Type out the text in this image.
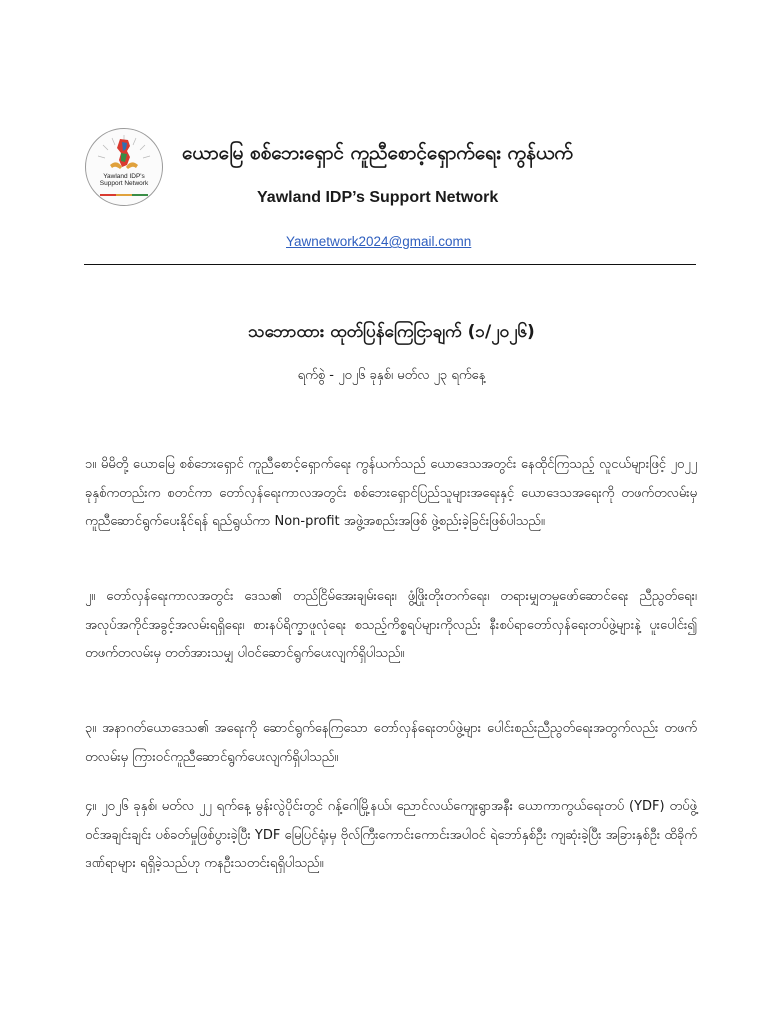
Yawland IDP's
Support Network
ယောမြေ စစ်ဘေးရှောင် ကူညီစောင့်ရှောက်ရေး ကွန်ယက်
Yawland IDP’s Support Network
Yawnetwork2024@gmail.comn
သဘောထား ထုတ်ပြန်ကြေငြာချက် (၁/၂၀၂၆)
ရက်စွဲ - ၂၀၂၆ ခုနှစ်၊ မတ်လ ၂၃ ရက်နေ့
၁။ မိမိတို့ ယောမြေ စစ်ဘေးရှောင် ကူညီစောင့်ရှောက်ရေး ကွန်ယက်သည် ယောဒေသအတွင်း နေထိုင်ကြသည့် လူငယ်များဖြင့် ၂၀၂၂ ခုနှစ်ကတည်းက စတင်ကာ တော်လှန်ရေးကာလအတွင်း စစ်ဘေးရှောင်ပြည်သူများအရေးနှင့် ယောဒေသအရေးကို တဖက်တလမ်းမှ ကူညီဆောင်ရွက်ပေးနိုင်ရန် ရည်ရွယ်ကာ Non-profit အဖွဲ့အစည်းအဖြစ် ဖွဲ့စည်းခဲ့ခြင်းဖြစ်ပါသည်။
၂။ တော်လှန်ရေးကာလအတွင်း ဒေသ၏ တည်ငြိမ်အေးချမ်းရေး၊ ဖွံ့ဖြိုးတိုးတက်ရေး၊ တရားမျှတမှုဖော်ဆောင်ရေး ညီညွတ်ရေး၊ အလုပ်အကိုင်အခွင့်အလမ်းရရှိရေး၊ စားနပ်ရိက္ခာဖူလုံရေး စသည့်ကိစ္စရပ်များကိုလည်း နီးစပ်ရာတော်လှန်ရေးတပ်ဖွဲ့များနဲ့ ပူးပေါင်း၍ တဖက်တလမ်းမှ တတ်အားသမျှ ပါဝင်ဆောင်ရွက်ပေးလျက်ရှိပါသည်။
၃။ အနာဂတ်ယောဒေသ၏ အရေးကို ဆောင်ရွက်နေကြသော တော်လှန်ရေးတပ်ဖွဲ့များ ပေါင်းစည်းညီညွတ်ရေးအတွက်လည်း တဖက်တလမ်းမှ ကြားဝင်ကူညီဆောင်ရွက်ပေးလျက်ရှိပါသည်။
၄။ ၂၀၂၆ ခုနှစ်၊ မတ်လ ၂၂ ရက်နေ့ မွန်းလွဲပိုင်းတွင် ဂန့်ဂေါမြို့နယ်၊ ညောင်လယ်ကျေးရွာအနီး ယောကာကွယ်ရေးတပ် (YDF) တပ်ဖွဲ့ဝင်အချင်းချင်း ပစ်ခတ်မှုဖြစ်ပွားခဲ့ပြီး YDF မြေပြင်ရုံးမှ ဗိုလ်ကြီးကောင်းကောင်းအပါဝင် ရဲဘော်နှစ်ဦး ကျဆုံးခဲ့ပြီး အခြားနှစ်ဦး ထိခိုက်ဒဏ်ရာများ ရရှိခဲ့သည်ဟု ကနဦးသတင်းရရှိပါသည်။
